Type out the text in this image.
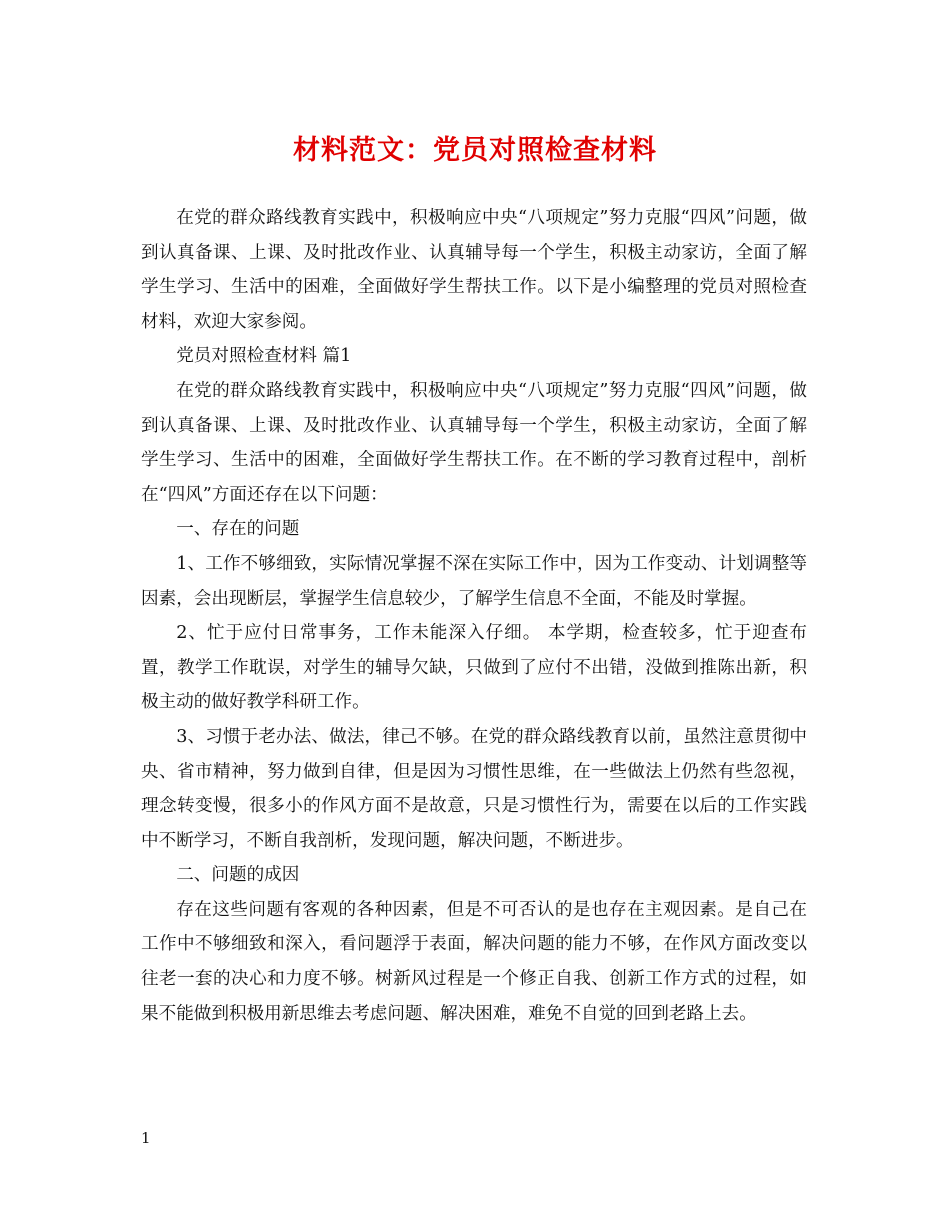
材料范文：党员对照检查材料

在党的群众路线教育实践中，积极响应中央“八项规定”努力克服“四风”问题，做到认真备课、上课、及时批改作业、认真辅导每一个学生，积极主动家访，全面了解学生学习、生活中的困难，全面做好学生帮扶工作。以下是小编整理的党员对照检查材料，欢迎大家参阅。

党员对照检查材料 篇1

在党的群众路线教育实践中，积极响应中央“八项规定”努力克服“四风”问题，做到认真备课、上课、及时批改作业、认真辅导每一个学生，积极主动家访，全面了解学生学习、生活中的困难，全面做好学生帮扶工作。在不断的学习教育过程中，剖析在“四风”方面还存在以下问题：

一、存在的问题

1、工作不够细致，实际情况掌握不深在实际工作中，因为工作变动、计划调整等因素，会出现断层，掌握学生信息较少，了解学生信息不全面，不能及时掌握。

2、忙于应付日常事务，工作未能深入仔细。 本学期，检查较多，忙于迎查布置，教学工作耽误，对学生的辅导欠缺，只做到了应付不出错，没做到推陈出新，积极主动的做好教学科研工作。

3、习惯于老办法、做法，律己不够。在党的群众路线教育以前，虽然注意贯彻中央、省市精神，努力做到自律，但是因为习惯性思维，在一些做法上仍然有些忽视，理念转变慢，很多小的作风方面不是故意，只是习惯性行为，需要在以后的工作实践中不断学习，不断自我剖析，发现问题，解决问题，不断进步。

二、问题的成因

存在这些问题有客观的各种因素，但是不可否认的是也存在主观因素。是自己在工作中不够细致和深入，看问题浮于表面，解决问题的能力不够，在作风方面改变以往老一套的决心和力度不够。树新风过程是一个修正自我、创新工作方式的过程，如果不能做到积极用新思维去考虑问题、解决困难，难免不自觉的回到老路上去。

1
